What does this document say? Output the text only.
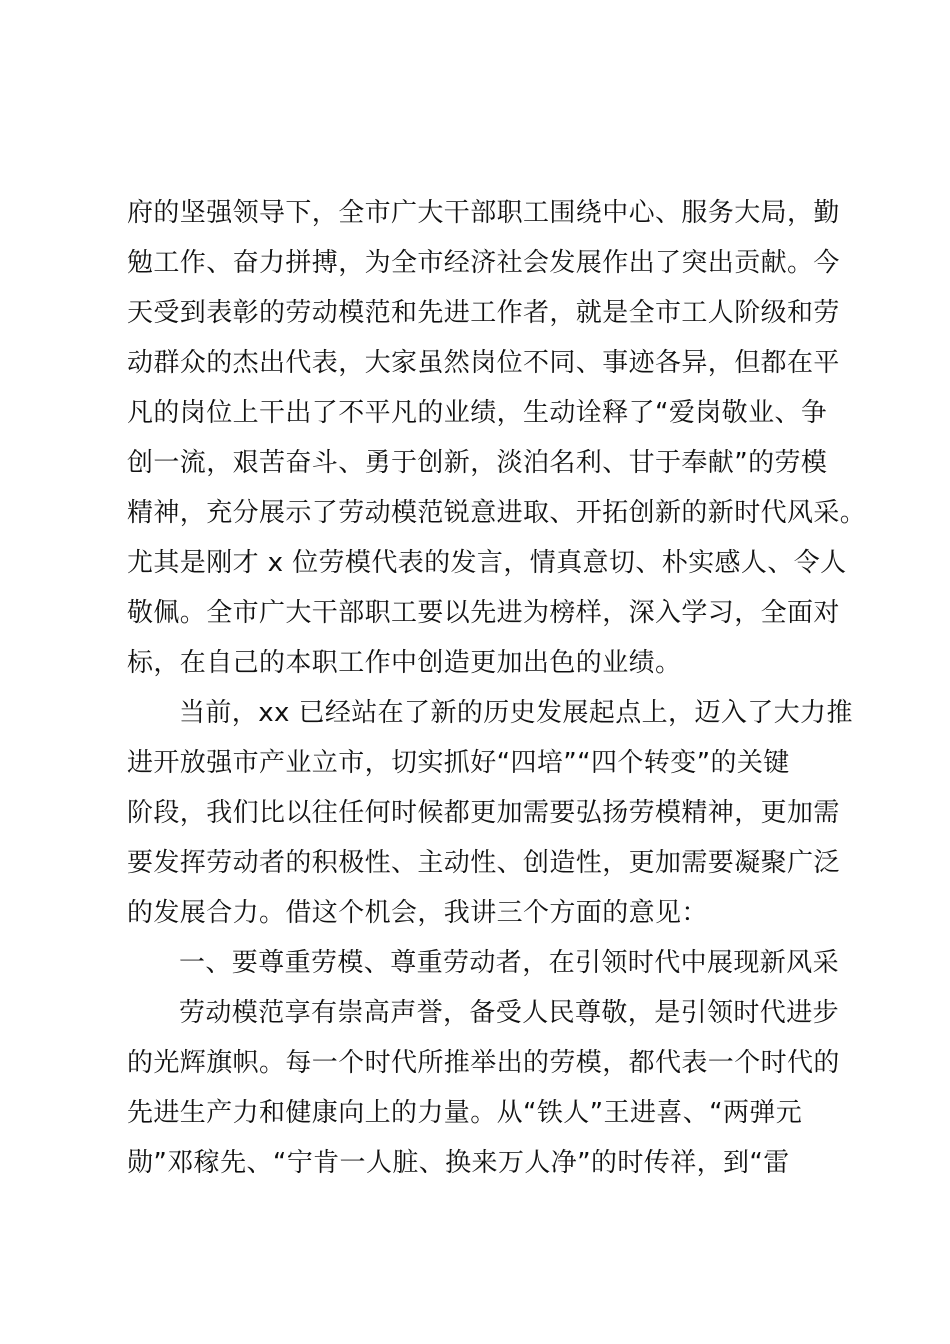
府的坚强领导下，全市广大干部职工围绕中心、服务大局，勤
勉工作、奋力拼搏，为全市经济社会发展作出了突出贡献。今
天受到表彰的劳动模范和先进工作者，就是全市工人阶级和劳
动群众的杰出代表，大家虽然岗位不同、事迹各异，但都在平
凡的岗位上干出了不平凡的业绩，生动诠释了“爱岗敬业、争
创一流，艰苦奋斗、勇于创新，淡泊名利、甘于奉献”的劳模
精神，充分展示了劳动模范锐意进取、开拓创新的新时代风采。
尤其是刚才 x 位劳模代表的发言，情真意切、朴实感人、令人
敬佩。全市广大干部职工要以先进为榜样，深入学习，全面对
标，在自己的本职工作中创造更加出色的业绩。
当前，xx 已经站在了新的历史发展起点上，迈入了大力推
进开放强市产业立市，切实抓好“四培”“四个转变”的关键
阶段，我们比以往任何时候都更加需要弘扬劳模精神，更加需
要发挥劳动者的积极性、主动性、创造性，更加需要凝聚广泛
的发展合力。借这个机会，我讲三个方面的意见：
一、要尊重劳模、尊重劳动者，在引领时代中展现新风采
劳动模范享有崇高声誉，备受人民尊敬，是引领时代进步
的光辉旗帜。每一个时代所推举出的劳模，都代表一个时代的
先进生产力和健康向上的力量。从“铁人”王进喜、“两弹元
勋”邓稼先、“宁肯一人脏、换来万人净”的时传祥，到“雷
